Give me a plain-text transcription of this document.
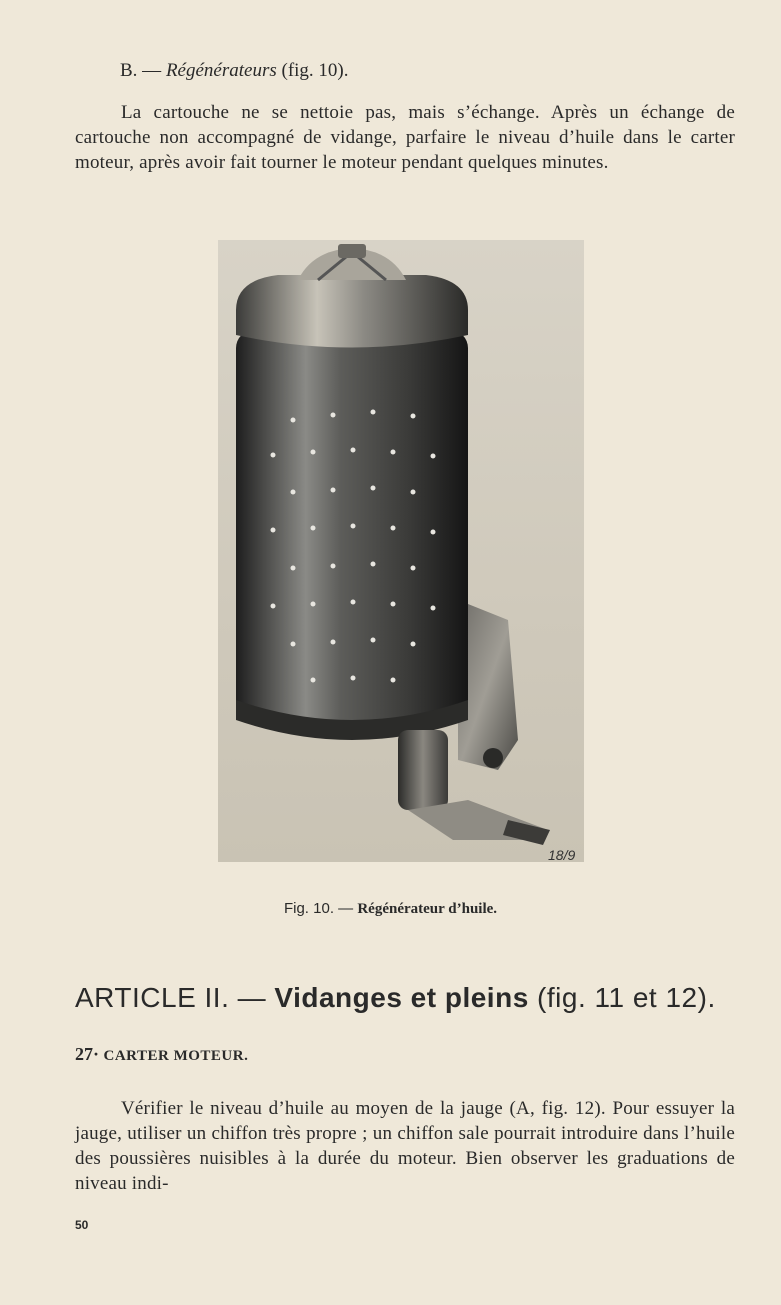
B. — Régénérateurs (fig. 10).
La cartouche ne se nettoie pas, mais s’échange. Après un échange de cartouche non accompagné de vidange, parfaire le niveau d’huile dans le carter moteur, après avoir fait tourner le moteur pendant quelques minutes.
18/9
Fig. 10. — Régénérateur d’huile.
ARTICLE II. — Vidanges et pleins (fig. 11 et 12).
27· CARTER MOTEUR.
Vérifier le niveau d’huile au moyen de la jauge (A, fig. 12). Pour essuyer la jauge, utiliser un chiffon très propre ; un chiffon sale pourrait introduire dans l’huile des poussières nuisibles à la durée du moteur. Bien observer les graduations de niveau indi-
50
